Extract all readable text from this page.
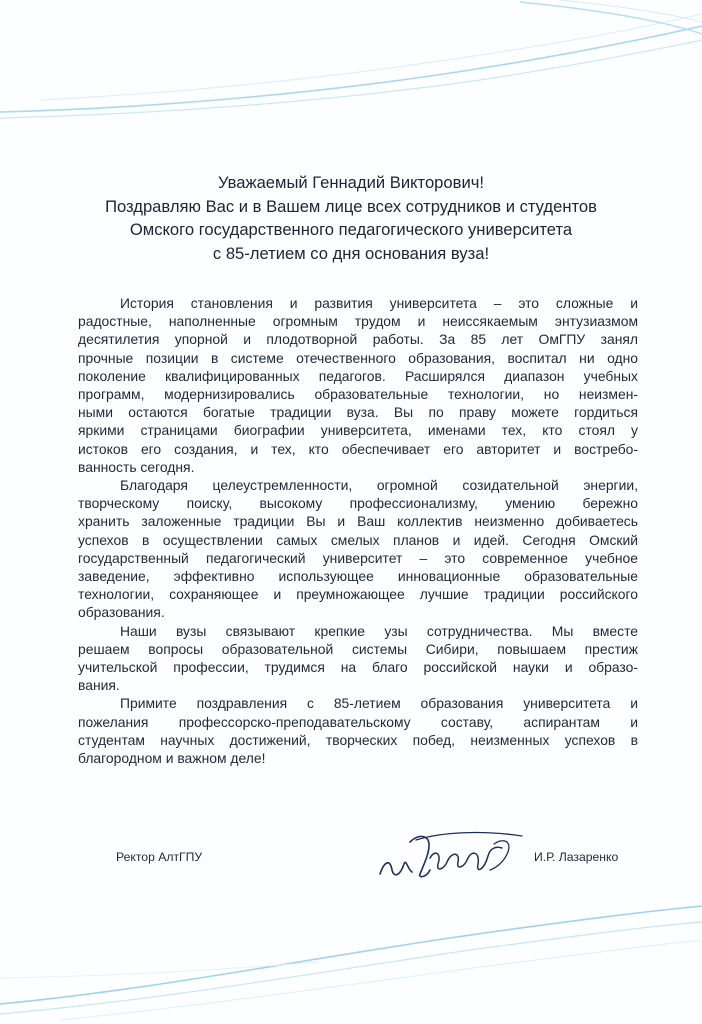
Уважаемый Геннадий Викторович!
Поздравляю Вас и в Вашем лице всех сотрудников и студентов
Омского государственного педагогического университета
с 85-летием со дня основания вуза!
История становления и развития университета – это сложные и
радостные, наполненные огромным трудом и неиссякаемым энтузиазмом
десятилетия упорной и плодотворной работы. За 85 лет ОмГПУ занял
прочные позиции в системе отечественного образования, воспитал ни одно
поколение квалифицированных педагогов. Расширялся диапазон учебных
программ, модернизировались образовательные технологии, но неизмен-
ными остаются богатые традиции вуза. Вы по праву можете гордиться
яркими страницами биографии университета, именами тех, кто стоял у
истоков его создания, и тех, кто обеспечивает его авторитет и востребо-
ванность сегодня.
Благодаря целеустремленности, огромной созидательной энергии,
творческому поиску, высокому профессионализму, умению бережно
хранить заложенные традиции Вы и Ваш коллектив неизменно добиваетесь
успехов в осуществлении самых смелых планов и идей. Сегодня Омский
государственный педагогический университет – это современное учебное
заведение, эффективно использующее инновационные образовательные
технологии, сохраняющее и преумножающее лучшие традиции российского
образования.
Наши вузы связывают крепкие узы сотрудничества. Мы вместе
решаем вопросы образовательной системы Сибири, повышаем престиж
учительской профессии, трудимся на благо российской науки и образо-
вания.
Примите поздравления с 85-летием образования университета и
пожелания профессорско-преподавательскому составу, аспирантам и
студентам научных достижений, творческих побед, неизменных успехов в
благородном и важном деле!
Ректор АлтГПУ	И.Р. Лазаренко
